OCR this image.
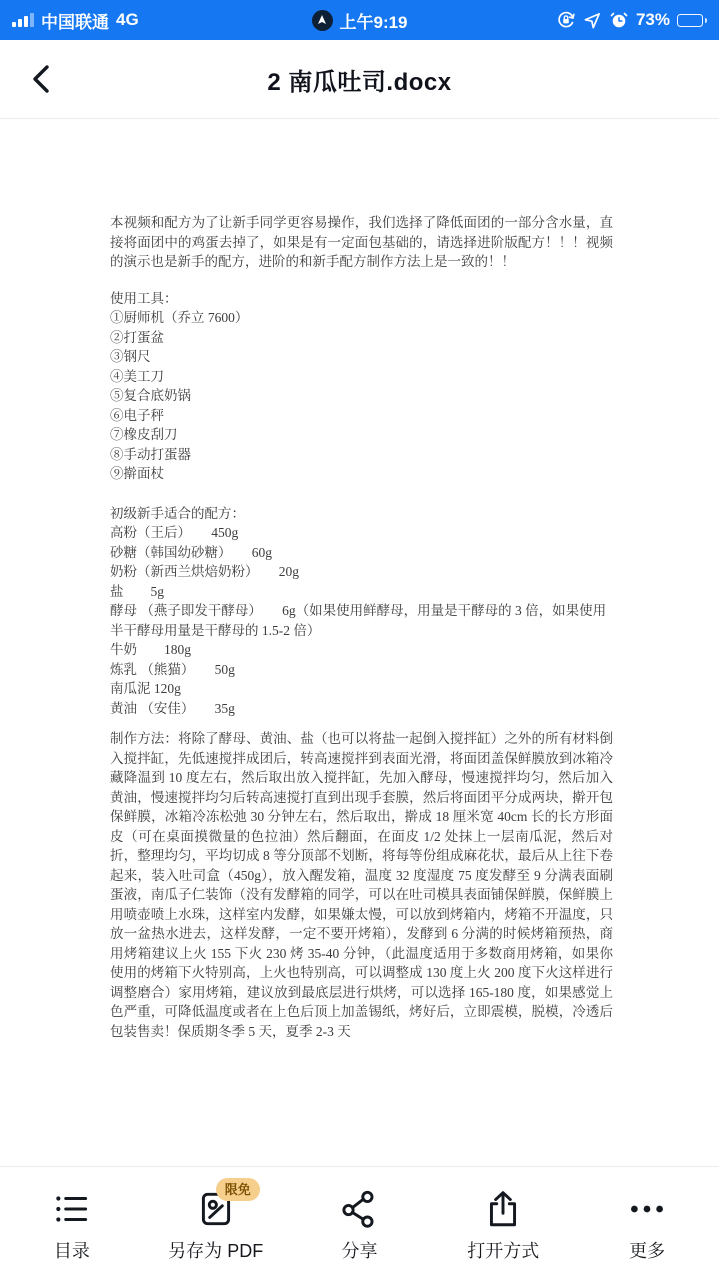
中国联通 4G	上午9:19	73%
2 南瓜吐司.docx

本视频和配方为了让新手同学更容易操作，我们选择了降低面团的一部分含水量，直接将面团中的鸡蛋去掉了，如果是有一定面包基础的，请选择进阶版配方！！！视频的演示也是新手的配方，进阶的和新手配方制作方法上是一致的！！

使用工具：

①厨师机（乔立 7600）

②打蛋盆

③钢尺

④美工刀

⑤复合底奶锅

⑥电子秤

⑦橡皮刮刀

⑧手动打蛋器

⑨擀面杖

初级新手适合的配方：

高粉（王后）　　450g

砂糖（韩国幼砂糖）　　60g

奶粉（新西兰烘焙奶粉）　　20g

盐　　5g

酵母 （燕子即发干酵母）　　6g（如果使用鲜酵母，用量是干酵母的 3 倍，如果使用半干酵母用量是干酵母的 1.5-2 倍）

牛奶　　180g

炼乳 （熊猫）　　50g

南瓜泥 120g

黄油 （安佳）　　35g

制作方法：将除了酵母、黄油、盐（也可以将盐一起倒入搅拌缸）之外的所有材料倒入搅拌缸，先低速搅拌成团后，转高速搅拌到表面光滑，将面团盖保鲜膜放到冰箱冷藏降温到 10 度左右，然后取出放入搅拌缸，先加入酵母，慢速搅拌均匀，然后加入黄油，慢速搅拌均匀后转高速搅打直到出现手套膜，然后将面团平分成两块，擀开包保鲜膜，冰箱冷冻松弛 30 分钟左右，然后取出，擀成 18 厘米宽 40cm 长的长方形面皮（可在桌面摸微量的色拉油）然后翻面，在面皮 1/2 处抹上一层南瓜泥，然后对折，整理均匀，平均切成 8 等分顶部不划断，将每等份组成麻花状，最后从上往下卷起来，装入吐司盒（450g），放入醒发箱，温度 32 度湿度 75 度发酵至 9 分满表面刷蛋液，南瓜子仁装饰（没有发酵箱的同学，可以在吐司模具表面铺保鲜膜，保鲜膜上用喷壶喷上水珠，这样室内发酵，如果嫌太慢，可以放到烤箱内，烤箱不开温度，只放一盆热水进去，这样发酵，一定不要开烤箱），发酵到 6 分满的时候烤箱预热，商用烤箱建议上火 155 下火 230 烤 35-40 分钟，（此温度适用于多数商用烤箱，如果你使用的烤箱下火特别高，上火也特别高，可以调整成 130 度上火 200 度下火这样进行调整磨合）家用烤箱，建议放到最底层进行烘烤，可以选择 165-180 度，如果感觉上色严重，可降低温度或者在上色后顶上加盖锡纸，烤好后，立即震模，脱模，冷透后包装售卖！保质期冬季 5 天，夏季 2-3 天

目录
限免
另存为 PDF	分享	打开方式	更多
